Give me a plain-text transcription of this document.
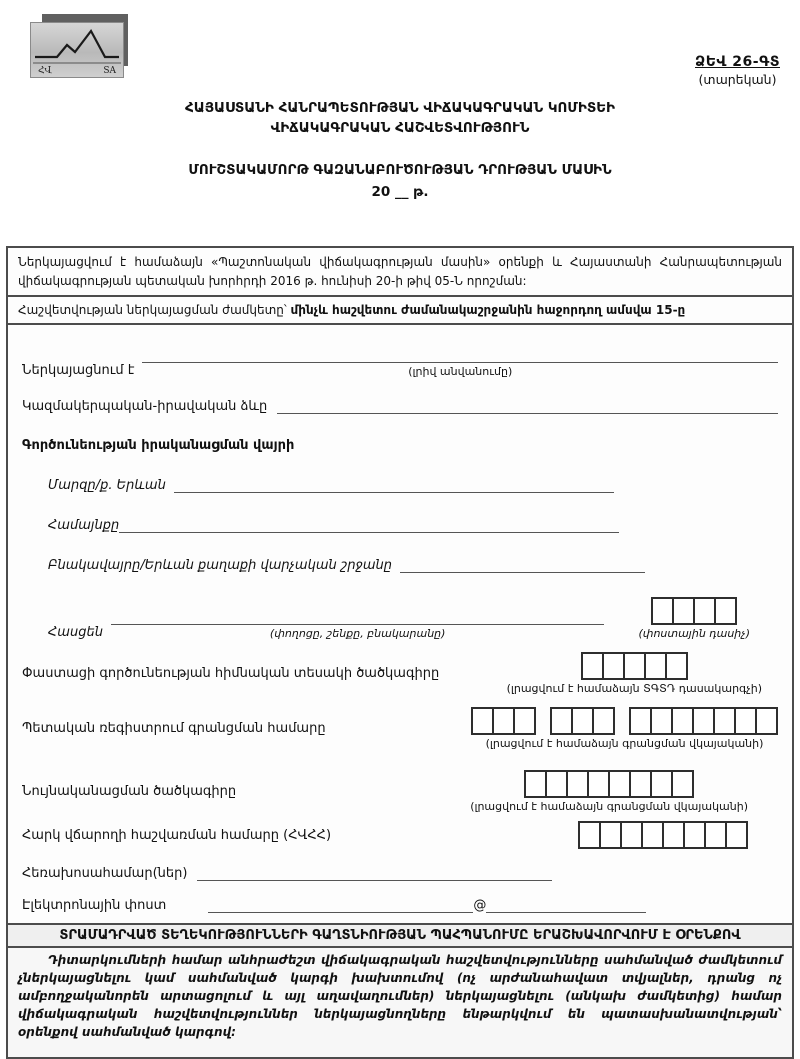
ՀՎ	SA
ՁԵՎ 26-ԳՏ
(տարեկան)
ՀԱՅԱՍՏԱՆԻ ՀԱՆՐԱՊԵՏՈՒԹՅԱՆ ՎԻՃԱԿԱԳՐԱԿԱՆ ԿՈՄԻՏԵԻ
ՎԻՃԱԿԱԳՐԱԿԱՆ ՀԱՇՎԵՏՎՈՒԹՅՈՒՆ
ՄՈՒՇՏԱԿԱՄՈՐԹ ԳԱԶԱՆԱԲՈՒԾՈՒԹՅԱՆ ԴՐՈՒԹՅԱՆ ՄԱՍԻՆ
20 __ թ.

Ներկայացվում է համաձայն «Պաշտոնական վիճակագրության մասին» օրենքի և Հայաստանի Հանրապետության վիճակագրության պետական խորհրդի 2016 թ. հունիսի 20-ի թիվ 05-Ն որոշման:

Հաշվետվության ներկայացման ժամկետը՝ մինչև հաշվետու ժամանակաշրջանին հաջորդող ամսվա 15-ը
Ներկայացնում է	(լրիվ անվանումը)
Կազմակերպական-իրավական ձևը
Գործունեության իրականացման վայրի
Մարզը/ք. Երևան
Համայնքը
Բնակավայրը/Երևան քաղաքի վարչական շրջանը
Հասցեն	(փողոցը, շենքը, բնակարանը)	(փոստային դասիչ)
Փաստացի գործունեության հիմնական տեսակի ծածկագիրը
(լրացվում է համաձայն ՏԳՏԴ դասակարգչի)
Պետական ռեգիստրում գրանցման համարը
(լրացվում է համաձայն գրանցման վկայականի)
Նույնականացման ծածկագիրը
(լրացվում է համաձայն գրանցման վկայականի)
Հարկ վճարողի հաշվառման համարը (ՀՎՀՀ)
Հեռախոսահամար(ներ)
Էլեկտրոնային փոստ	@
ՏՐԱՄԱԴՐՎԱԾ ՏԵՂԵԿՈՒԹՅՈՒՆՆԵՐԻ ԳԱՂՏՆԻՈՒԹՅԱՆ ՊԱՀՊԱՆՈՒՄԸ ԵՐԱՇԽԱՎՈՐՎՈՒՄ Է ՕՐԵՆՔՈՎ

Դիտարկումների համար անհրաժեշտ վիճակագրական հաշվետվությունները սահմանված ժամկետում չներկայացնելու կամ սահմանված կարգի խախտումով (ոչ արժանահավատ տվյալներ, դրանց ոչ ամբողջականորեն արտացոլում և այլ աղավաղումներ) ներկայացնելու (անկախ ժամկետից) համար վիճակագրական հաշվետվություններ ներկայացնողները ենթարկվում են պատասխանատվության՝ օրենքով սահմանված կարգով:
